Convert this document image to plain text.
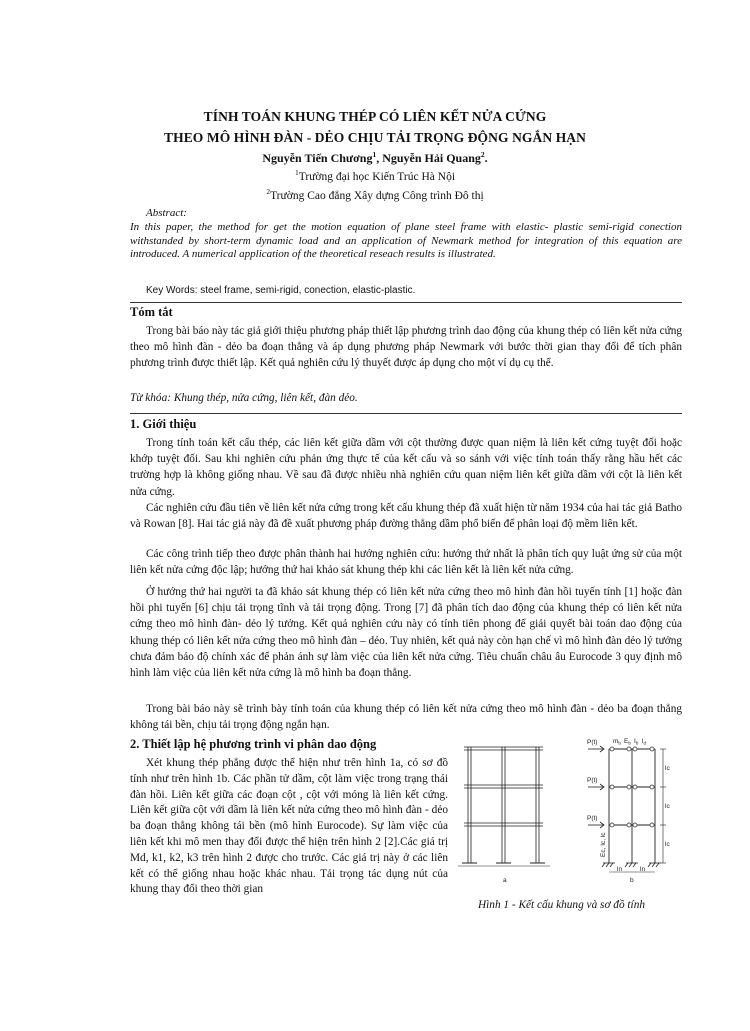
TÍNH TOÁN KHUNG THÉP CÓ LIÊN KẾT NỬA CỨNG
THEO MÔ HÌNH ĐÀN - DẺO CHỊU TẢI TRỌNG ĐỘNG NGẮN HẠN
Nguyễn Tiến Chương$^1$, Nguyễn Hải Quang$^2$.
$^1$Trường đại học Kiến Trúc Hà Nội
$^2$Trường Cao đẳng Xây dựng Công trình Đô thị
Abstract:

In this paper, the method for get the motion equation of plane steel frame with elastic- plastic semi-rigid conection withstanded by short-term dynamic load and an application of Newmark method for integration of this equation are introduced. A numerical application of the theoretical reseach results is illustrated.

Key Words: steel frame, semi-rigid, conection, elastic-plastic.
Tóm tắt

Trong bài báo này tác giả giới thiệu phương pháp thiết lập phương trình dao động của khung thép có liên kết nửa cứng theo mô hình đàn - dẻo ba đoạn thẳng và áp dụng phương pháp Newmark với bước thời gian thay đổi để tích phân phương trình được thiết lập. Kết quả nghiên cứu lý thuyết được áp dụng cho một ví dụ cụ thể.

Từ khóa: Khung thép, nửa cứng, liên kết, đàn dẻo.
1. Giới thiệu

Trong tính toán kết cấu thép, các liên kết giữa dầm với cột thường được quan niệm là liên kết cứng tuyệt đối hoặc khớp tuyệt đối. Sau khi nghiên cứu phản ứng thực tế của kết cấu và so sánh với việc tính toán thấy rằng hầu hết các trường hợp là không giống nhau. Về sau đã được nhiều nhà nghiên cứu quan niệm liên kết giữa dầm với cột là liên kết nửa cứng.

Các nghiên cứu đầu tiên về liên kết nửa cứng trong kết cấu khung thép đã xuất hiện từ năm 1934 của hai tác giả Batho và Rowan [8]. Hai tác giả này đã đề xuất phương pháp đường thẳng dầm phổ biến để phân loại độ mềm liên kết.

Các công trình tiếp theo được phân thành hai hướng nghiên cứu: hướng thứ nhất là phân tích quy luật ứng sử của một liên kết nửa cứng độc lập; hướng thứ hai khảo sát khung thép khi các liên kết là liên kết nửa cứng.

Ở hướng thứ hai người ta đã khảo sát khung thép có liên kết nửa cứng theo mô hình đàn hồi tuyến tính [1] hoặc đàn hồi phi tuyến [6] chịu tải trọng tĩnh và tải trọng động. Trong [7] đã phân tích dao động của khung thép có liên kết nửa cứng theo mô hình đàn- dẻo lý tưởng. Kết quả nghiên cứu này có tính tiên phong để giải quyết bài toán dao động của khung thép có liên kết nửa cứng theo mô hình đàn – dẻo. Tuy nhiên, kết quả này còn hạn chế vì mô hình đàn dẻo lý tưởng chưa đảm bảo độ chính xác để phản ánh sự làm việc của liên kết nửa cứng. Tiêu chuẩn châu âu Eurocode 3 quy định mô hình làm việc của liên kết nửa cứng là mô hình ba đoạn thẳng.

Trong bài báo này sẽ trình bày tính toán của khung thép có liên kết nửa cứng theo mô hình đàn - dẻo ba đoạn thẳng không tái bền, chịu tải trọng động ngắn hạn.

2. Thiết lập hệ phương trình vi phân dao động

Xét khung thép phẳng được thể hiện như trên hình 1a, có sơ đồ tính như trên hình 1b. Các phần tử dầm, cột làm việc trong trạng thái đàn hồi. Liên kết giữa các đoạn cột , cột với móng là liên kết cứng. Liên kết giữa cột với dầm là liên kết nửa cứng theo mô hình đàn - dẻo ba đoạn thẳng không tái bền (mô hình Eurocode). Sự làm việc của liên kết khi mô men thay đổi được thể hiện trên hình 2 [2].Các giá trị Md, k1, k2, k3 trên hình 2 được cho trước. Các giá trị này ở các liên kết có thể giống nhau hoặc khác nhau. Tải trọng tác dụng nút của khung thay đổi theo thời gian

a
P(t)
P(t)
P(t)
$m_b$ $E_b$ $I_b$ $l_d$
lc
lc
lc
Ec, Ic, lc
ln	ln
b
Hình 1 - Kết cấu khung và sơ đồ tính
